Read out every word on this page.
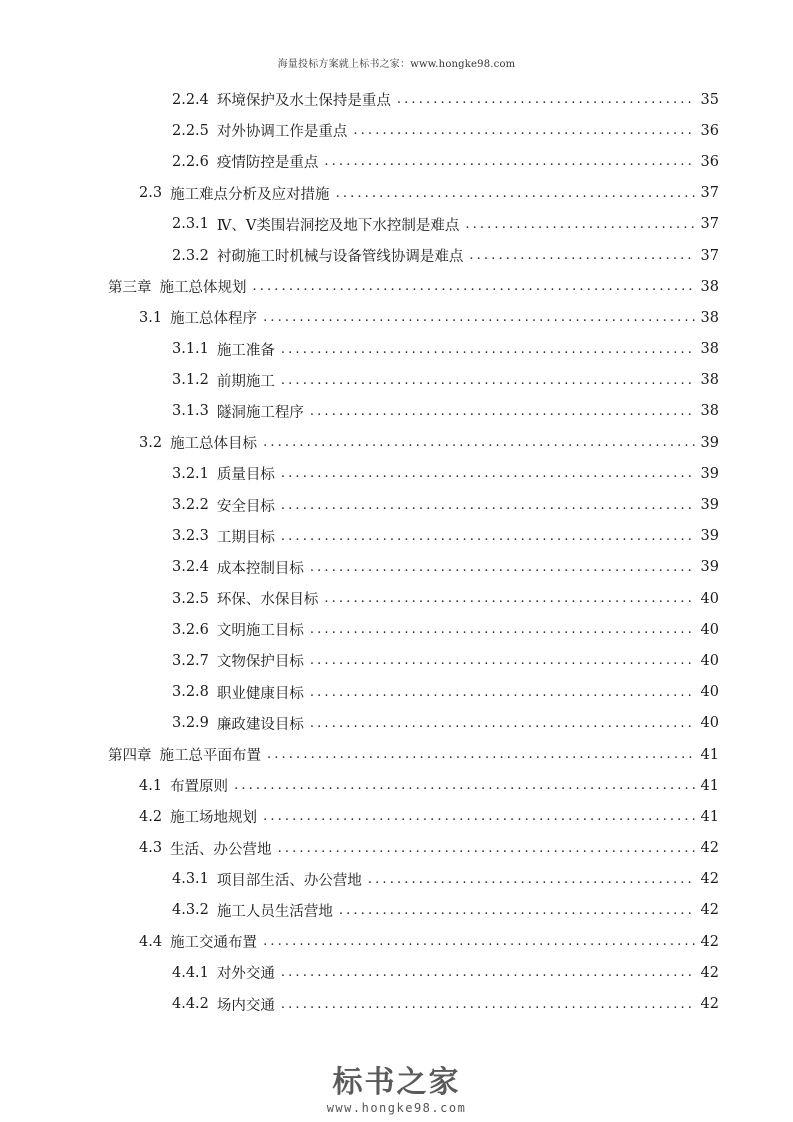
海量投标方案就上标书之家：www.hongke98.com
2.2.4 环境保护及水土保持是重点 . . .	35
2.2.5 对外协调工作是重点 . . .	36
2.2.6 疫情防控是重点 . . .	36
2.3 施工难点分析及应对措施 . . .	37
2.3.1 Ⅳ、Ⅴ类围岩洞挖及地下水控制是难点 . . .	37
2.3.2 衬砌施工时机械与设备管线协调是难点 . . .	37
第三章 施工总体规划 . . .	38
3.1 施工总体程序 . . .	38
3.1.1 施工准备 . . .	38
3.1.2 前期施工 . . .	38
3.1.3 隧洞施工程序 . . .	38
3.2 施工总体目标 . . .	39
3.2.1 质量目标 . . .	39
3.2.2 安全目标 . . .	39
3.2.3 工期目标 . . .	39
3.2.4 成本控制目标 . . .	39
3.2.5 环保、水保目标 . . .	40
3.2.6 文明施工目标 . . .	40
3.2.7 文物保护目标 . . .	40
3.2.8 职业健康目标 . . .	40
3.2.9 廉政建设目标 . . .	40
第四章 施工总平面布置 . . .	41
4.1 布置原则 . . .	41
4.2 施工场地规划 . . .	41
4.3 生活、办公营地 . . .	42
4.3.1 项目部生活、办公营地 . . .	42
4.3.2 施工人员生活营地 . . .	42
4.4 施工交通布置 . . .	42
4.4.1 对外交通 . . .	42
4.4.2 场内交通 . . .	42
标书之家
www.hongke98.com
